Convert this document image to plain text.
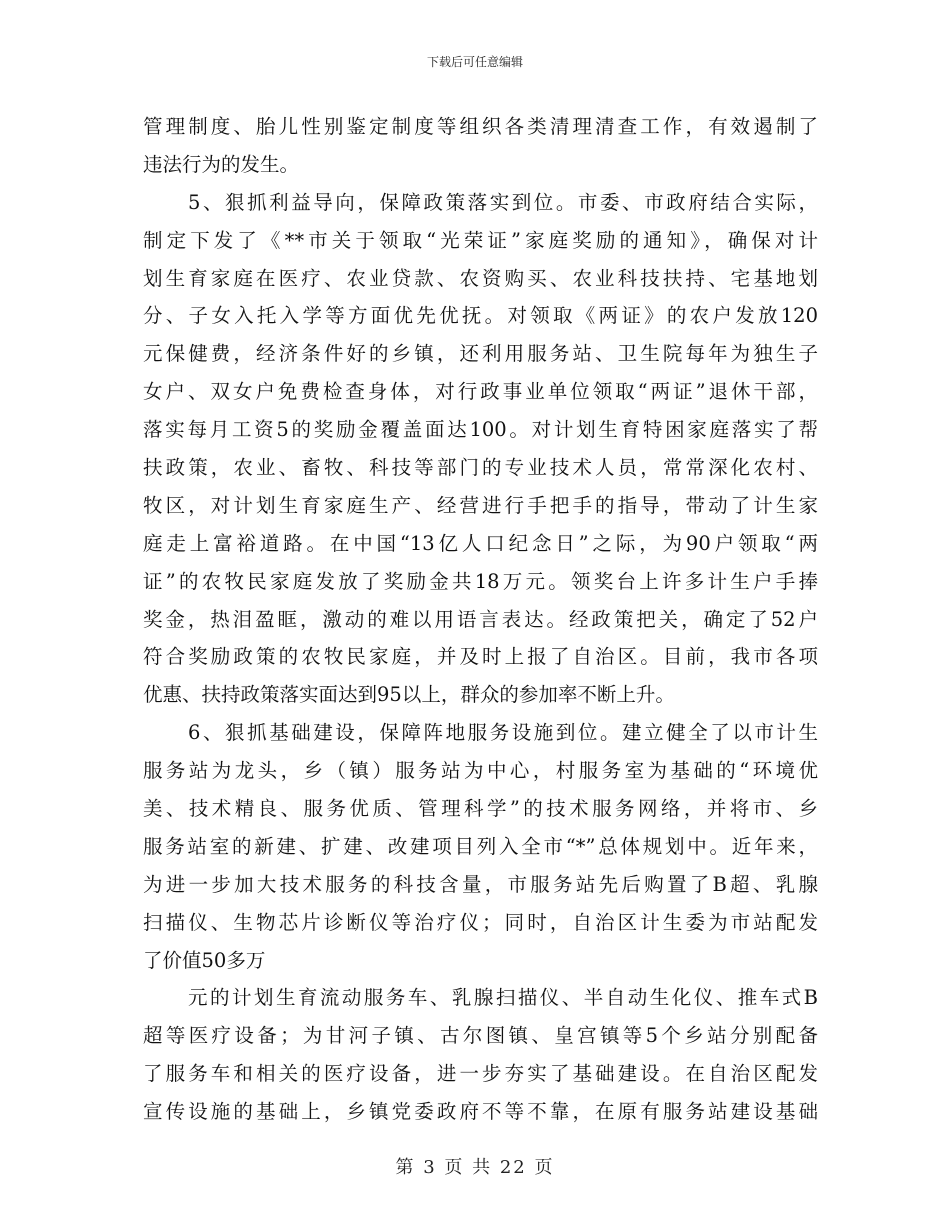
下载后可任意编辑
管理制度、胎儿性别鉴定制度等组织各类清理清查工作，有效遏制了
违法行为的发生。
5、狠抓利益导向，保障政策落实到位。市委、市政府结合实际，
制定下发了《**市关于领取“光荣证”家庭奖励的通知》，确保对计
划生育家庭在医疗、农业贷款、农资购买、农业科技扶持、宅基地划
分、子女入托入学等方面优先优抚。对领取《两证》的农户发放120
元保健费，经济条件好的乡镇，还利用服务站、卫生院每年为独生子
女户、双女户免费检查身体，对行政事业单位领取“两证”退休干部，
落实每月工资5的奖励金覆盖面达100。对计划生育特困家庭落实了帮
扶政策，农业、畜牧、科技等部门的专业技术人员，常常深化农村、
牧区，对计划生育家庭生产、经营进行手把手的指导，带动了计生家
庭走上富裕道路。在中国“13亿人口纪念日”之际，为90户领取“两
证”的农牧民家庭发放了奖励金共18万元。领奖台上许多计生户手捧
奖金，热泪盈眶，激动的难以用语言表达。经政策把关，确定了52户
符合奖励政策的农牧民家庭，并及时上报了自治区。目前，我市各项
优惠、扶持政策落实面达到95以上，群众的参加率不断上升。
6、狠抓基础建设，保障阵地服务设施到位。建立健全了以市计生
服务站为龙头，乡（镇）服务站为中心，村服务室为基础的“环境优
美、技术精良、服务优质、管理科学”的技术服务网络，并将市、乡
服务站室的新建、扩建、改建项目列入全市“*”总体规划中。近年来，
为进一步加大技术服务的科技含量，市服务站先后购置了B超、乳腺
扫描仪、生物芯片诊断仪等治疗仪；同时，自治区计生委为市站配发
了价值50多万
元的计划生育流动服务车、乳腺扫描仪、半自动生化仪、推车式B
超等医疗设备；为甘河子镇、古尔图镇、皇宫镇等5个乡站分别配备
了服务车和相关的医疗设备，进一步夯实了基础建设。在自治区配发
宣传设施的基础上，乡镇党委政府不等不靠，在原有服务站建设基础
第 3 页 共 22 页
